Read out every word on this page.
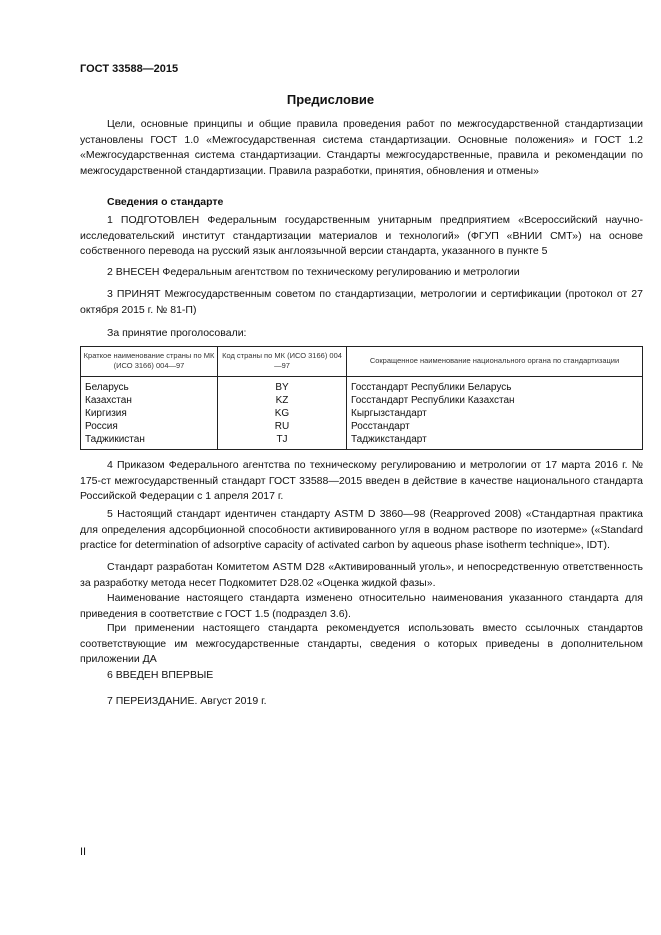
ГОСТ 33588—2015
Предисловие

Цели, основные принципы и общие правила проведения работ по межгосударственной стандартизации установлены ГОСТ 1.0 «Межгосударственная система стандартизации. Основные положения» и ГОСТ 1.2 «Межгосударственная система стандартизации. Стандарты межгосударственные, правила и рекомендации по межгосударственной стандартизации. Правила разработки, принятия, обновления и отмены»

Сведения о стандарте

1 ПОДГОТОВЛЕН Федеральным государственным унитарным предприятием «Всероссийский научно-исследовательский институт стандартизации материалов и технологий» (ФГУП «ВНИИ СМТ») на основе собственного перевода на русский язык англоязычной версии стандарта, указанного в пункте 5

2 ВНЕСЕН Федеральным агентством по техническому регулированию и метрологии

3 ПРИНЯТ Межгосударственным советом по стандартизации, метрологии и сертификации (протокол от 27 октября 2015 г. № 81-П)

За принятие проголосовали:

Краткое наименование страны по МК (ИСО 3166) 004—97	Код страны по МК (ИСО 3166) 004—97	Сокращенное наименование национального органа по стандартизации
Беларусь	BY	Госстандарт Республики Беларусь
Казахстан	KZ	Госстандарт Республики Казахстан
Киргизия	KG	Кыргызстандарт
Россия	RU	Росстандарт
Таджикистан	TJ	Таджикстандарт

4 Приказом Федерального агентства по техническому регулированию и метрологии от 17 марта 2016 г. № 175-ст межгосударственный стандарт ГОСТ 33588—2015 введен в действие в качестве национального стандарта Российской Федерации с 1 апреля 2017 г.

5 Настоящий стандарт идентичен стандарту ASTM D 3860—98 (Reapproved 2008) «Стандартная практика для определения адсорбционной способности активированного угля в водном растворе по изотерме» («Standard practice for determination of adsorptive capacity of activated carbon by aqueous phase isotherm technique», IDT).

Стандарт разработан Комитетом ASTM D28 «Активированный уголь», и непосредственную ответственность за разработку метода несет Подкомитет D28.02 «Оценка жидкой фазы».

Наименование настоящего стандарта изменено относительно наименования указанного стандарта для приведения в соответствие с ГОСТ 1.5 (подраздел 3.6).

При применении настоящего стандарта рекомендуется использовать вместо ссылочных стандартов соответствующие им межгосударственные стандарты, сведения о которых приведены в дополнительном приложении ДА

6 ВВЕДЕН ВПЕРВЫЕ

7 ПЕРЕИЗДАНИЕ. Август 2019 г.

II
